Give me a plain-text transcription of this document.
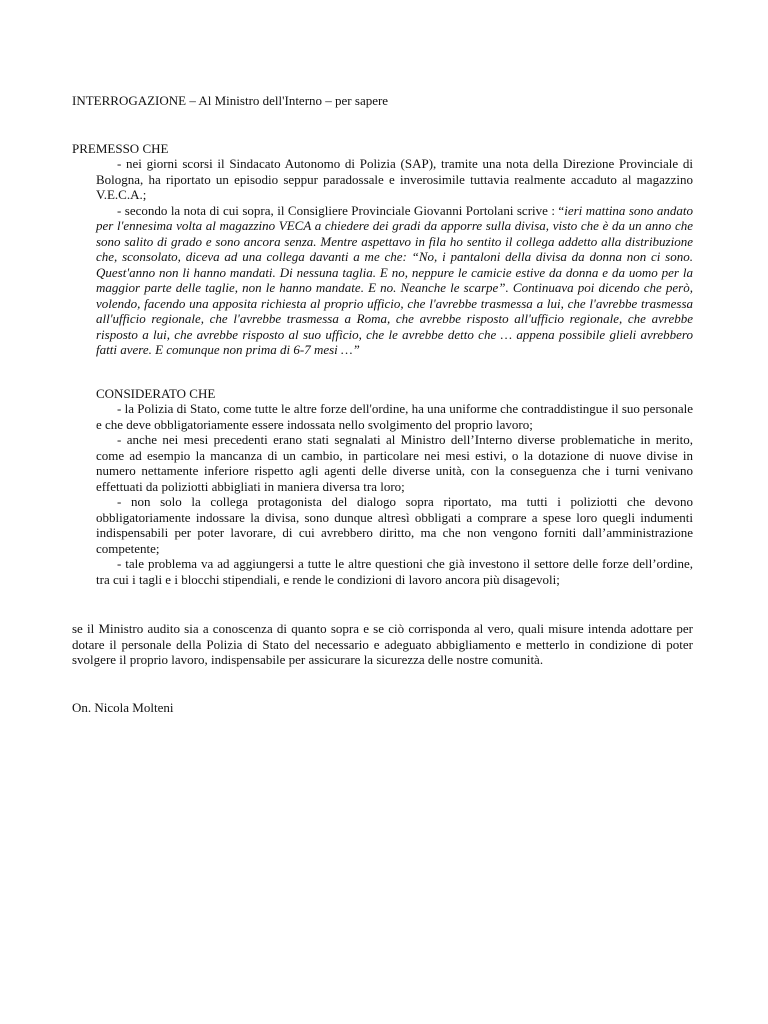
INTERROGAZIONE – Al Ministro dell'Interno – per sapere

PREMESSO CHE

- nei giorni scorsi il Sindacato Autonomo di Polizia (SAP), tramite una nota della Direzione Provinciale di Bologna, ha riportato un episodio seppur paradossale e inverosimile tuttavia realmente accaduto al magazzino V.E.C.A.;

- secondo la nota di cui sopra, il Consigliere Provinciale Giovanni Portolani scrive : “ieri mattina sono andato per l'ennesima volta al magazzino VECA a chiedere dei gradi da apporre sulla divisa, visto che è da un anno che sono salito di grado e sono ancora senza. Mentre aspettavo in fila ho sentito il collega addetto alla distribuzione che, sconsolato, diceva ad una collega davanti a me che: “No, i pantaloni della divisa da donna non ci sono. Quest'anno non li hanno mandati. Di nessuna taglia. E no, neppure le camicie estive da donna e da uomo per la maggior parte delle taglie, non le hanno mandate. E no. Neanche le scarpe”. Continuava poi dicendo che però, volendo, facendo una apposita richiesta al proprio ufficio, che l'avrebbe trasmessa a lui, che l'avrebbe trasmessa all'ufficio regionale, che l'avrebbe trasmessa a Roma, che avrebbe risposto all'ufficio regionale, che avrebbe risposto a lui, che avrebbe risposto al suo ufficio, che le avrebbe detto che … appena possibile glieli avrebbero fatti avere. E comunque non prima di 6-7 mesi …”

CONSIDERATO CHE

- la Polizia di Stato, come tutte le altre forze dell'ordine, ha una uniforme che contraddistingue il suo personale e che deve obbligatoriamente essere indossata nello svolgimento del proprio lavoro;

- anche nei mesi precedenti erano stati segnalati al Ministro dell’Interno diverse problematiche in merito, come ad esempio la mancanza di un cambio, in particolare nei mesi estivi, o la dotazione di nuove divise in numero nettamente inferiore rispetto agli agenti delle diverse unità, con la conseguenza che i turni venivano effettuati da poliziotti abbigliati in maniera diversa tra loro;

- non solo la collega protagonista del dialogo sopra riportato, ma tutti i poliziotti che devono obbligatoriamente indossare la divisa, sono dunque altresì obbligati a comprare a spese loro quegli indumenti indispensabili per poter lavorare, di cui avrebbero diritto, ma che non vengono forniti dall’amministrazione competente;

- tale problema va ad aggiungersi a tutte le altre questioni che già investono il settore delle forze dell’ordine, tra cui i tagli e i blocchi stipendiali, e rende le condizioni di lavoro ancora più disagevoli;

se il Ministro audito sia a conoscenza di quanto sopra e se ciò corrisponda al vero, quali misure intenda adottare per dotare il personale della Polizia di Stato del necessario e adeguato abbigliamento e metterlo in condizione di poter svolgere il proprio lavoro, indispensabile per assicurare la sicurezza delle nostre comunità.

On. Nicola Molteni
